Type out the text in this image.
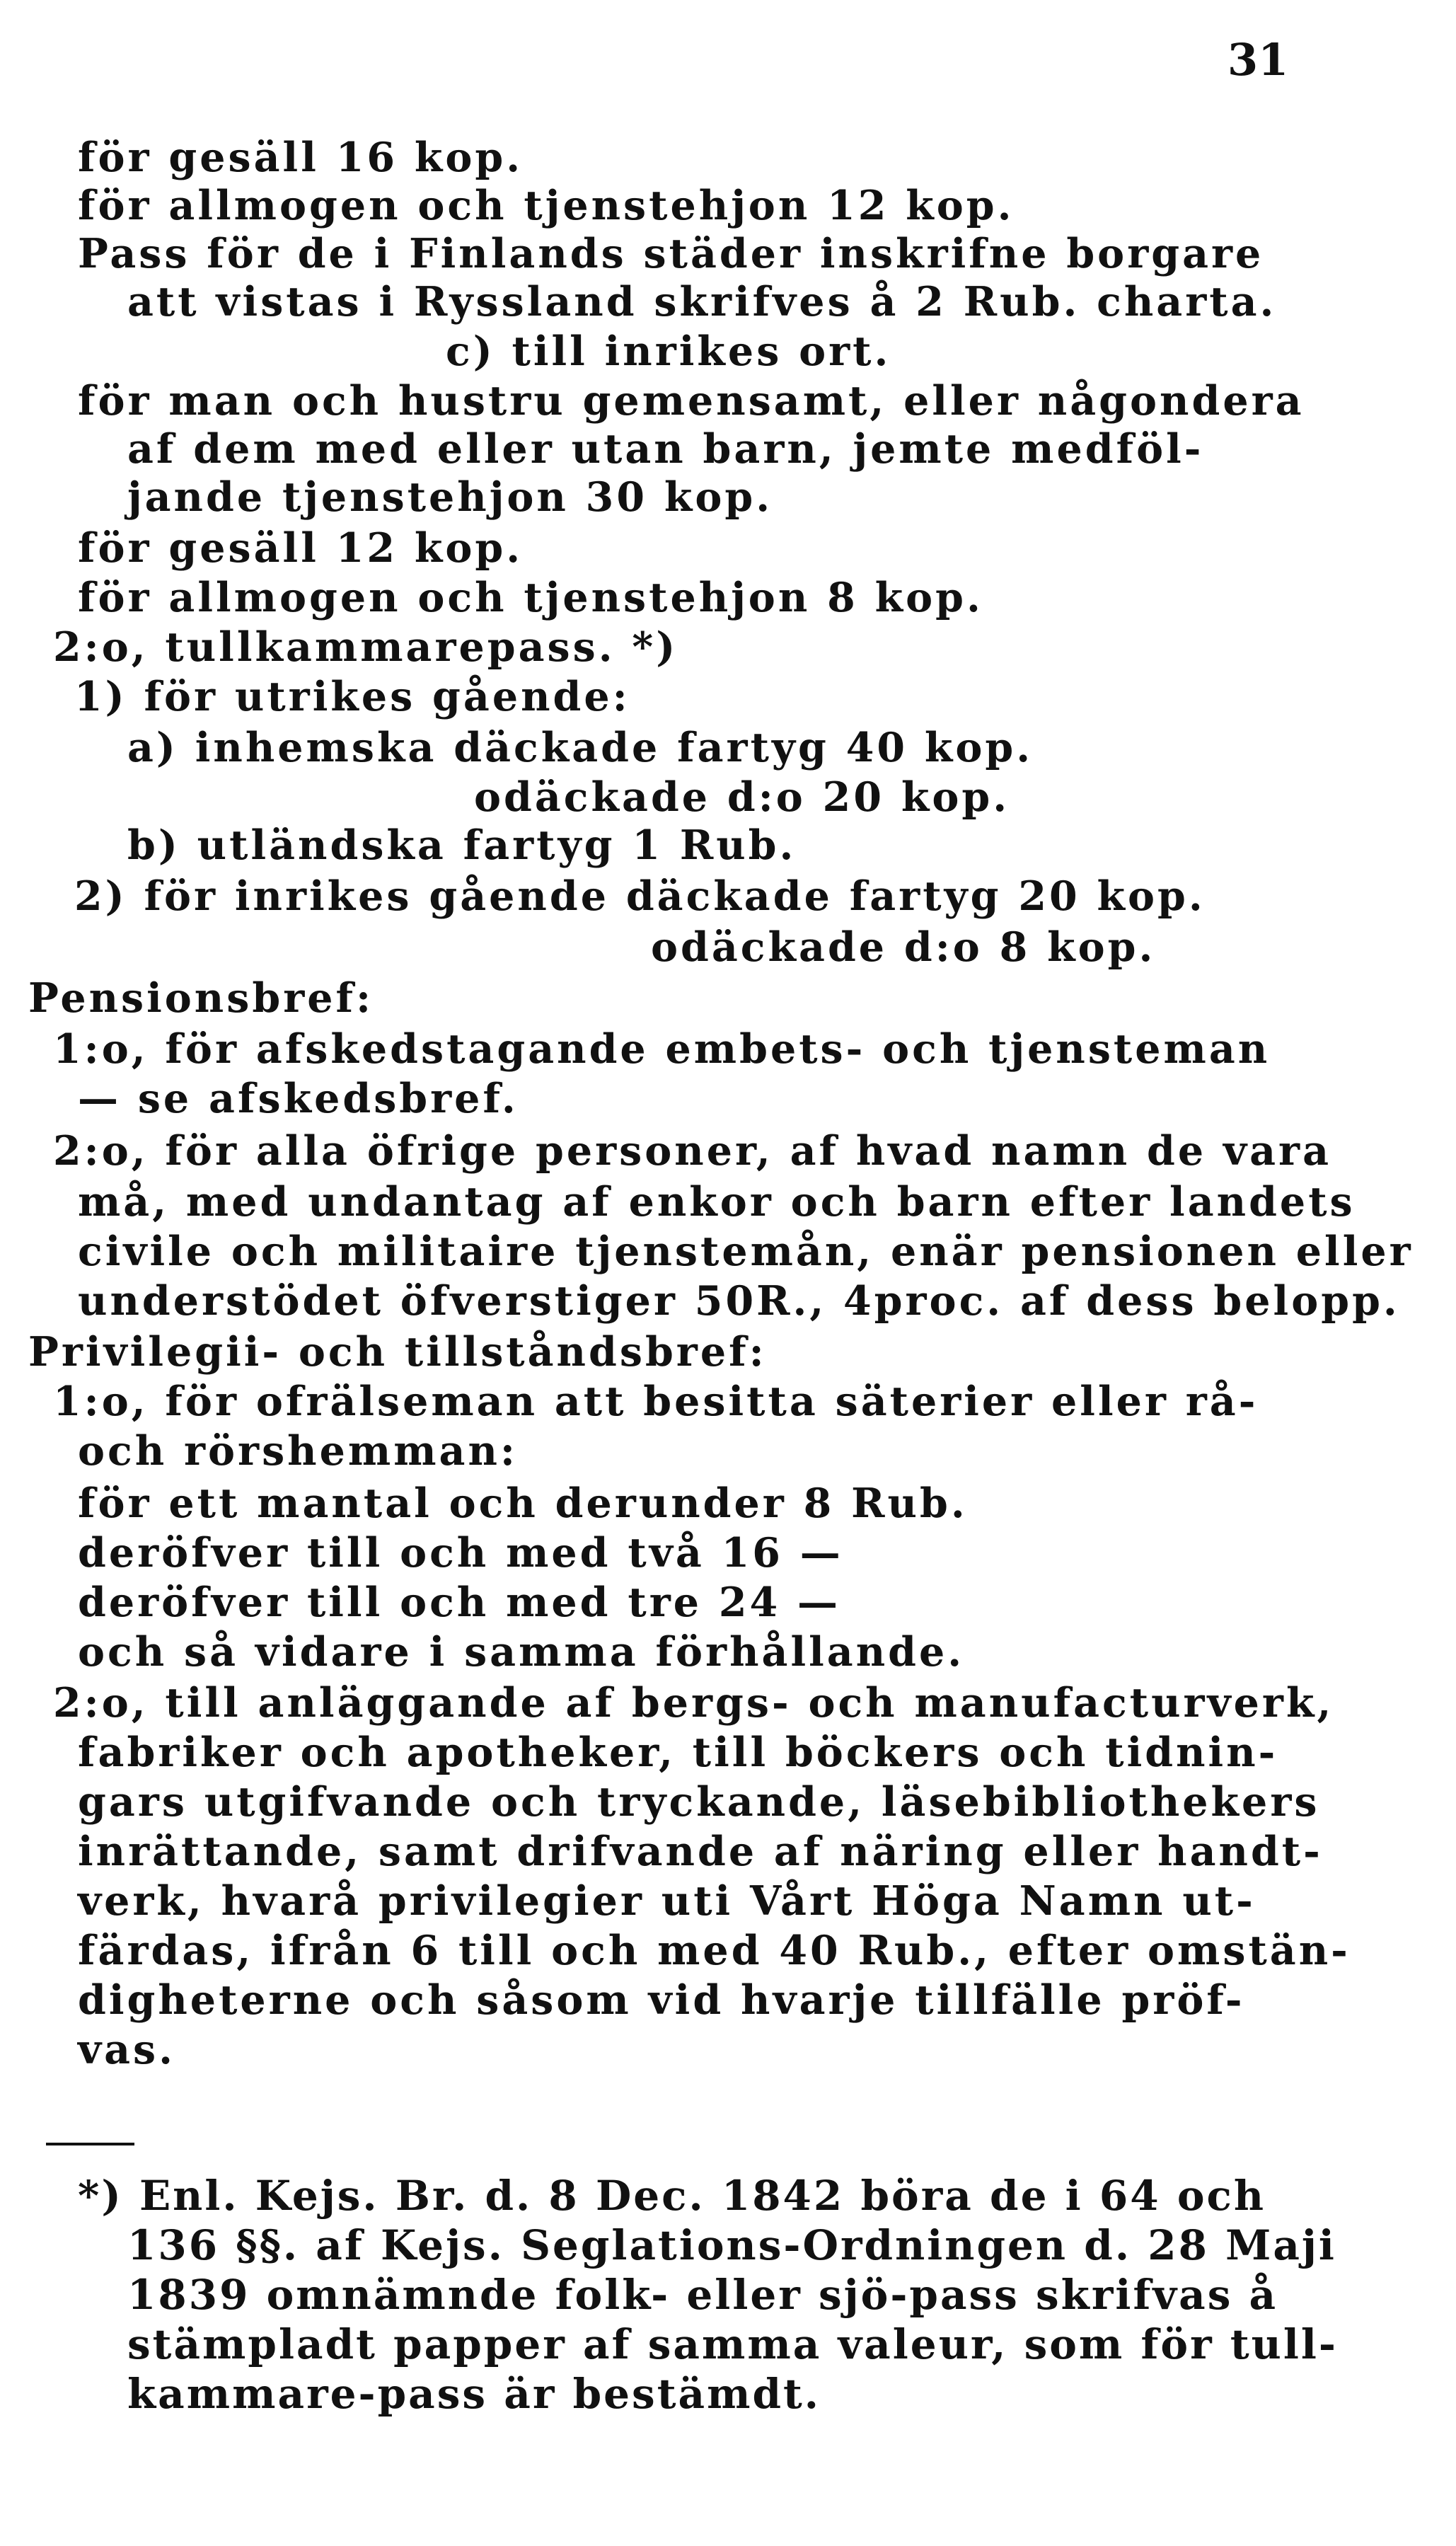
31
för gesäll 16 kop.
för allmogen och tjenstehjon 12 kop.
Pass för de i Finlands städer inskrifne borgare
att vistas i Ryssland skrifves å 2 Rub. charta.
c) till inrikes ort.
för man och hustru gemensamt, eller någondera
af dem med eller utan barn, jemte medföl-
jande tjenstehjon 30 kop.
för gesäll 12 kop.
för allmogen och tjenstehjon 8 kop.
2:o, tullkammarepass. *)
1) för utrikes gående:
a) inhemska däckade fartyg 40 kop.
odäckade d:o 20 kop.
b) utländska fartyg 1 Rub.
2) för inrikes gående däckade fartyg 20 kop.
odäckade d:o 8 kop.
Pensionsbref:
1:o, för afskedstagande embets- och tjensteman
— se afskedsbref.
2:o, för alla öfrige personer, af hvad namn de vara
må, med undantag af enkor och barn efter landets
civile och militaire tjenstemån, enär pensionen eller
understödet öfverstiger 50R., 4proc. af dess belopp.
Privilegii- och tillståndsbref:
1:o, för ofrälseman att besitta säterier eller rå-
och rörshemman:
för ett mantal och derunder 8 Rub.
deröfver till och med två 16 —
deröfver till och med tre 24 —
och så vidare i samma förhållande.
2:o, till anläggande af bergs- och manufacturverk,
fabriker och apotheker, till böckers och tidnin-
gars utgifvande och tryckande, läsebibliothekers
inrättande, samt drifvande af näring eller handt-
verk, hvarå privilegier uti Vårt Höga Namn ut-
färdas, ifrån 6 till och med 40 Rub., efter omstän-
digheterne och såsom vid hvarje tillfälle pröf-
vas.
*) Enl. Kejs. Br. d. 8 Dec. 1842 böra de i 64 och
136 §§. af Kejs. Seglations-Ordningen d. 28 Maji
1839 omnämnde folk- eller sjö-pass skrifvas å
stämpladt papper af samma valeur, som för tull-
kammare-pass är bestämdt.
